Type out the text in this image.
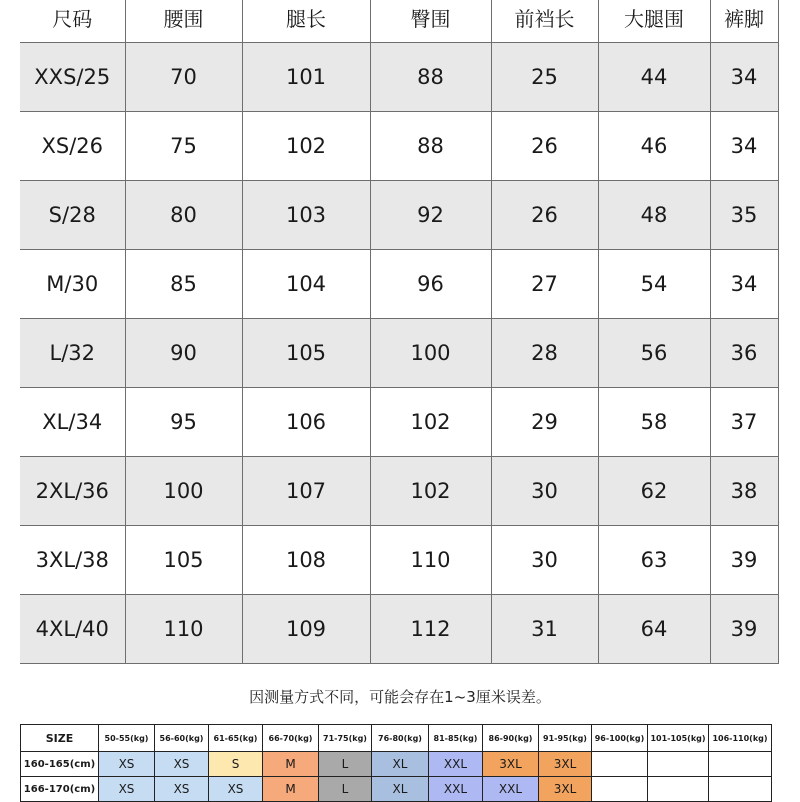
尺码	腰围	腿长	臀围	前裆长	大腿围	裤脚
XXS/25	70	101	88	25	44	34
XS/26	75	102	88	26	46	34
S/28	80	103	92	26	48	35
M/30	85	104	96	27	54	34
L/32	90	105	100	28	56	36
XL/34	95	106	102	29	58	37
2XL/36	100	107	102	30	62	38
3XL/38	105	108	110	30	63	39
4XL/40	110	109	112	31	64	39
因测量方式不同，可能会存在1~3厘米误差。
SIZE	50-55(kg)	56-60(kg)	61-65(kg)	66-70(kg)	71-75(kg)	76-80(kg)	81-85(kg)	86-90(kg)	91-95(kg)	96-100(kg)	101-105(kg)	106-110(kg)
160-165(cm)	XS	XS	S	M	L	XL	XXL	3XL	3XL			
166-170(cm)	XS	XS	XS	M	L	XL	XXL	XXL	3XL			
